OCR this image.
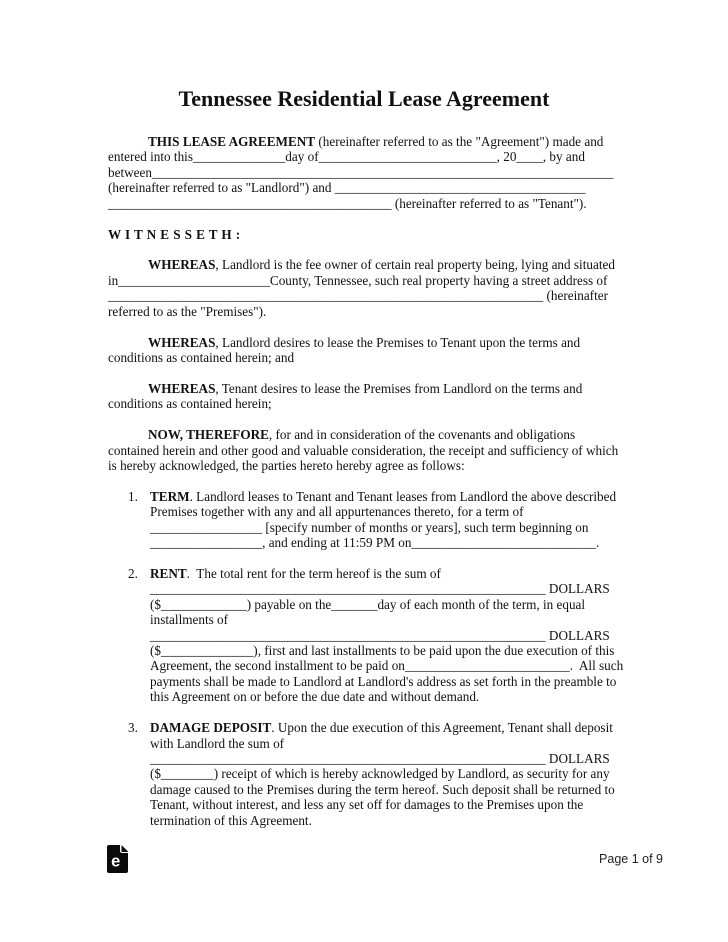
Tennessee Residential Lease Agreement
THIS LEASE AGREEMENT (hereinafter referred to as the "Agreement") made and
entered into this______________day of___________________________, 20____, by and
between______________________________________________________________________
(hereinafter referred to as "Landlord") and ______________________________________
___________________________________________ (hereinafter referred to as "Tenant").
W I T N E S S E T H :
WHEREAS, Landlord is the fee owner of certain real property being, lying and situated
in_______________________County, Tennessee, such real property having a street address of
__________________________________________________________________ (hereinafter
referred to as the "Premises").
WHEREAS, Landlord desires to lease the Premises to Tenant upon the terms and
conditions as contained herein; and
WHEREAS, Tenant desires to lease the Premises from Landlord on the terms and
conditions as contained herein;
NOW, THEREFORE, for and in consideration of the covenants and obligations
contained herein and other good and valuable consideration, the receipt and sufficiency of which
is hereby acknowledged, the parties hereto hereby agree as follows:
1. TERM. Landlord leases to Tenant and Tenant leases from Landlord the above described
Premises together with any and all appurtenances thereto, for a term of
_________________ [specify number of months or years], such term beginning on
_________________, and ending at 11:59 PM on____________________________.
2. RENT.  The total rent for the term hereof is the sum of
____________________________________________________________ DOLLARS
($_____________) payable on the_______day of each month of the term, in equal
installments of
____________________________________________________________ DOLLARS
($______________), first and last installments to be paid upon the due execution of this
Agreement, the second installment to be paid on_________________________.  All such
payments shall be made to Landlord at Landlord's address as set forth in the preamble to
this Agreement on or before the due date and without demand.
3. DAMAGE DEPOSIT. Upon the due execution of this Agreement, Tenant shall deposit
with Landlord the sum of
____________________________________________________________ DOLLARS
($________) receipt of which is hereby acknowledged by Landlord, as security for any
damage caused to the Premises during the term hereof. Such deposit shall be returned to
Tenant, without interest, and less any set off for damages to the Premises upon the
termination of this Agreement.
e	Page 1 of 9
